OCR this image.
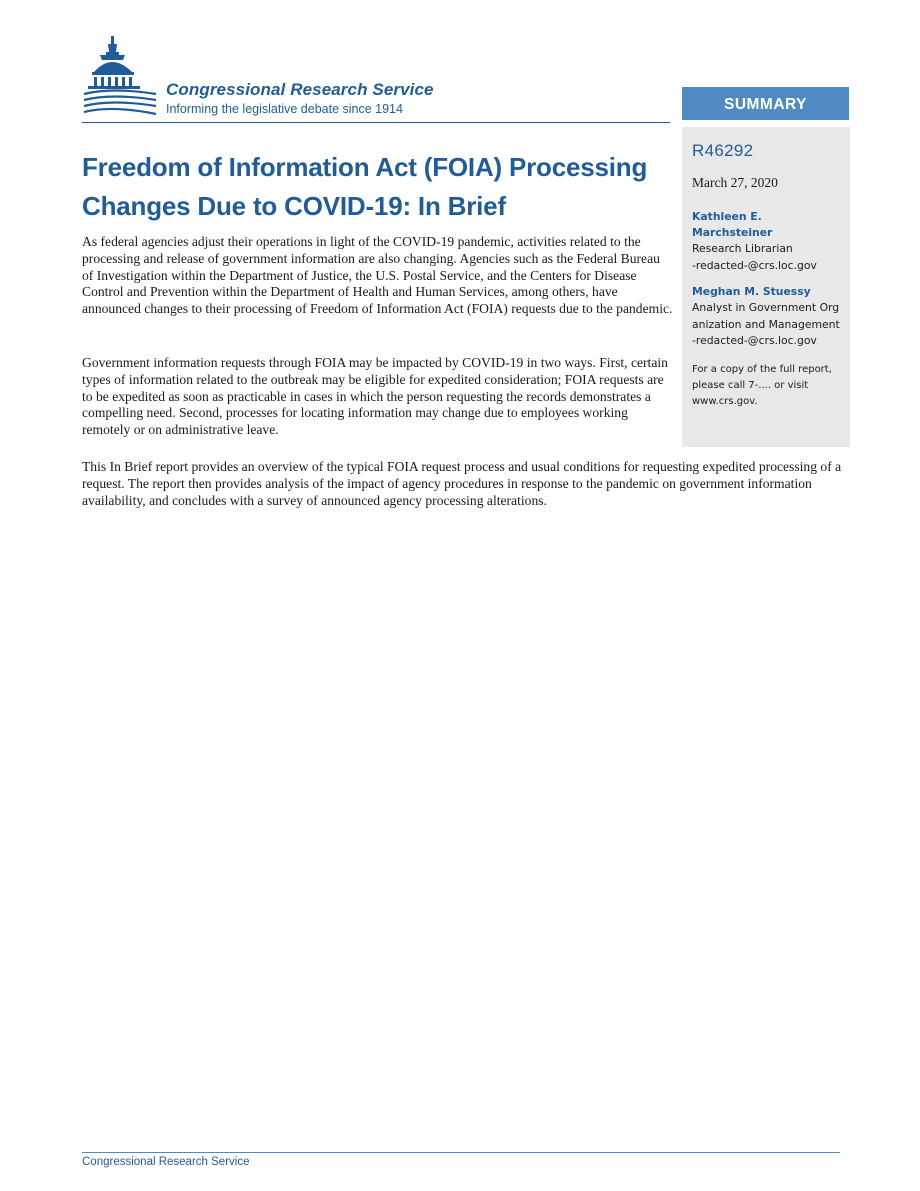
Congressional Research Service
Informing the legislative debate since 1914	SUMMARY
R46292
March 27, 2020
Kathleen E. Marchsteiner
Research Librarian
-redacted-@crs.loc.gov
Meghan M. Stuessy
Analyst in Government Organization and Management
-redacted-@crs.loc.gov
For a copy of the full report, please call 7-.... or visit www.crs.gov.
Freedom of Information Act (FOIA) Processing Changes Due to COVID-19: In Brief

As federal agencies adjust their operations in light of the COVID-19 pandemic, activities related to the processing and release of government information are also changing. Agencies such as the Federal Bureau of Investigation within the Department of Justice, the U.S. Postal Service, and the Centers for Disease Control and Prevention within the Department of Health and Human Services, among others, have announced changes to their processing of Freedom of Information Act (FOIA) requests due to the pandemic.

Government information requests through FOIA may be impacted by COVID-19 in two ways. First, certain types of information related to the outbreak may be eligible for expedited consideration; FOIA requests are to be expedited as soon as practicable in cases in which the person requesting the records demonstrates a compelling need. Second, processes for locating information may change due to employees working remotely or on administrative leave.

This In Brief report provides an overview of the typical FOIA request process and usual conditions for requesting expedited processing of a request. The report then provides analysis of the impact of agency procedures in response to the pandemic on government information availability, and concludes with a survey of announced agency processing alterations.

Congressional Research Service
